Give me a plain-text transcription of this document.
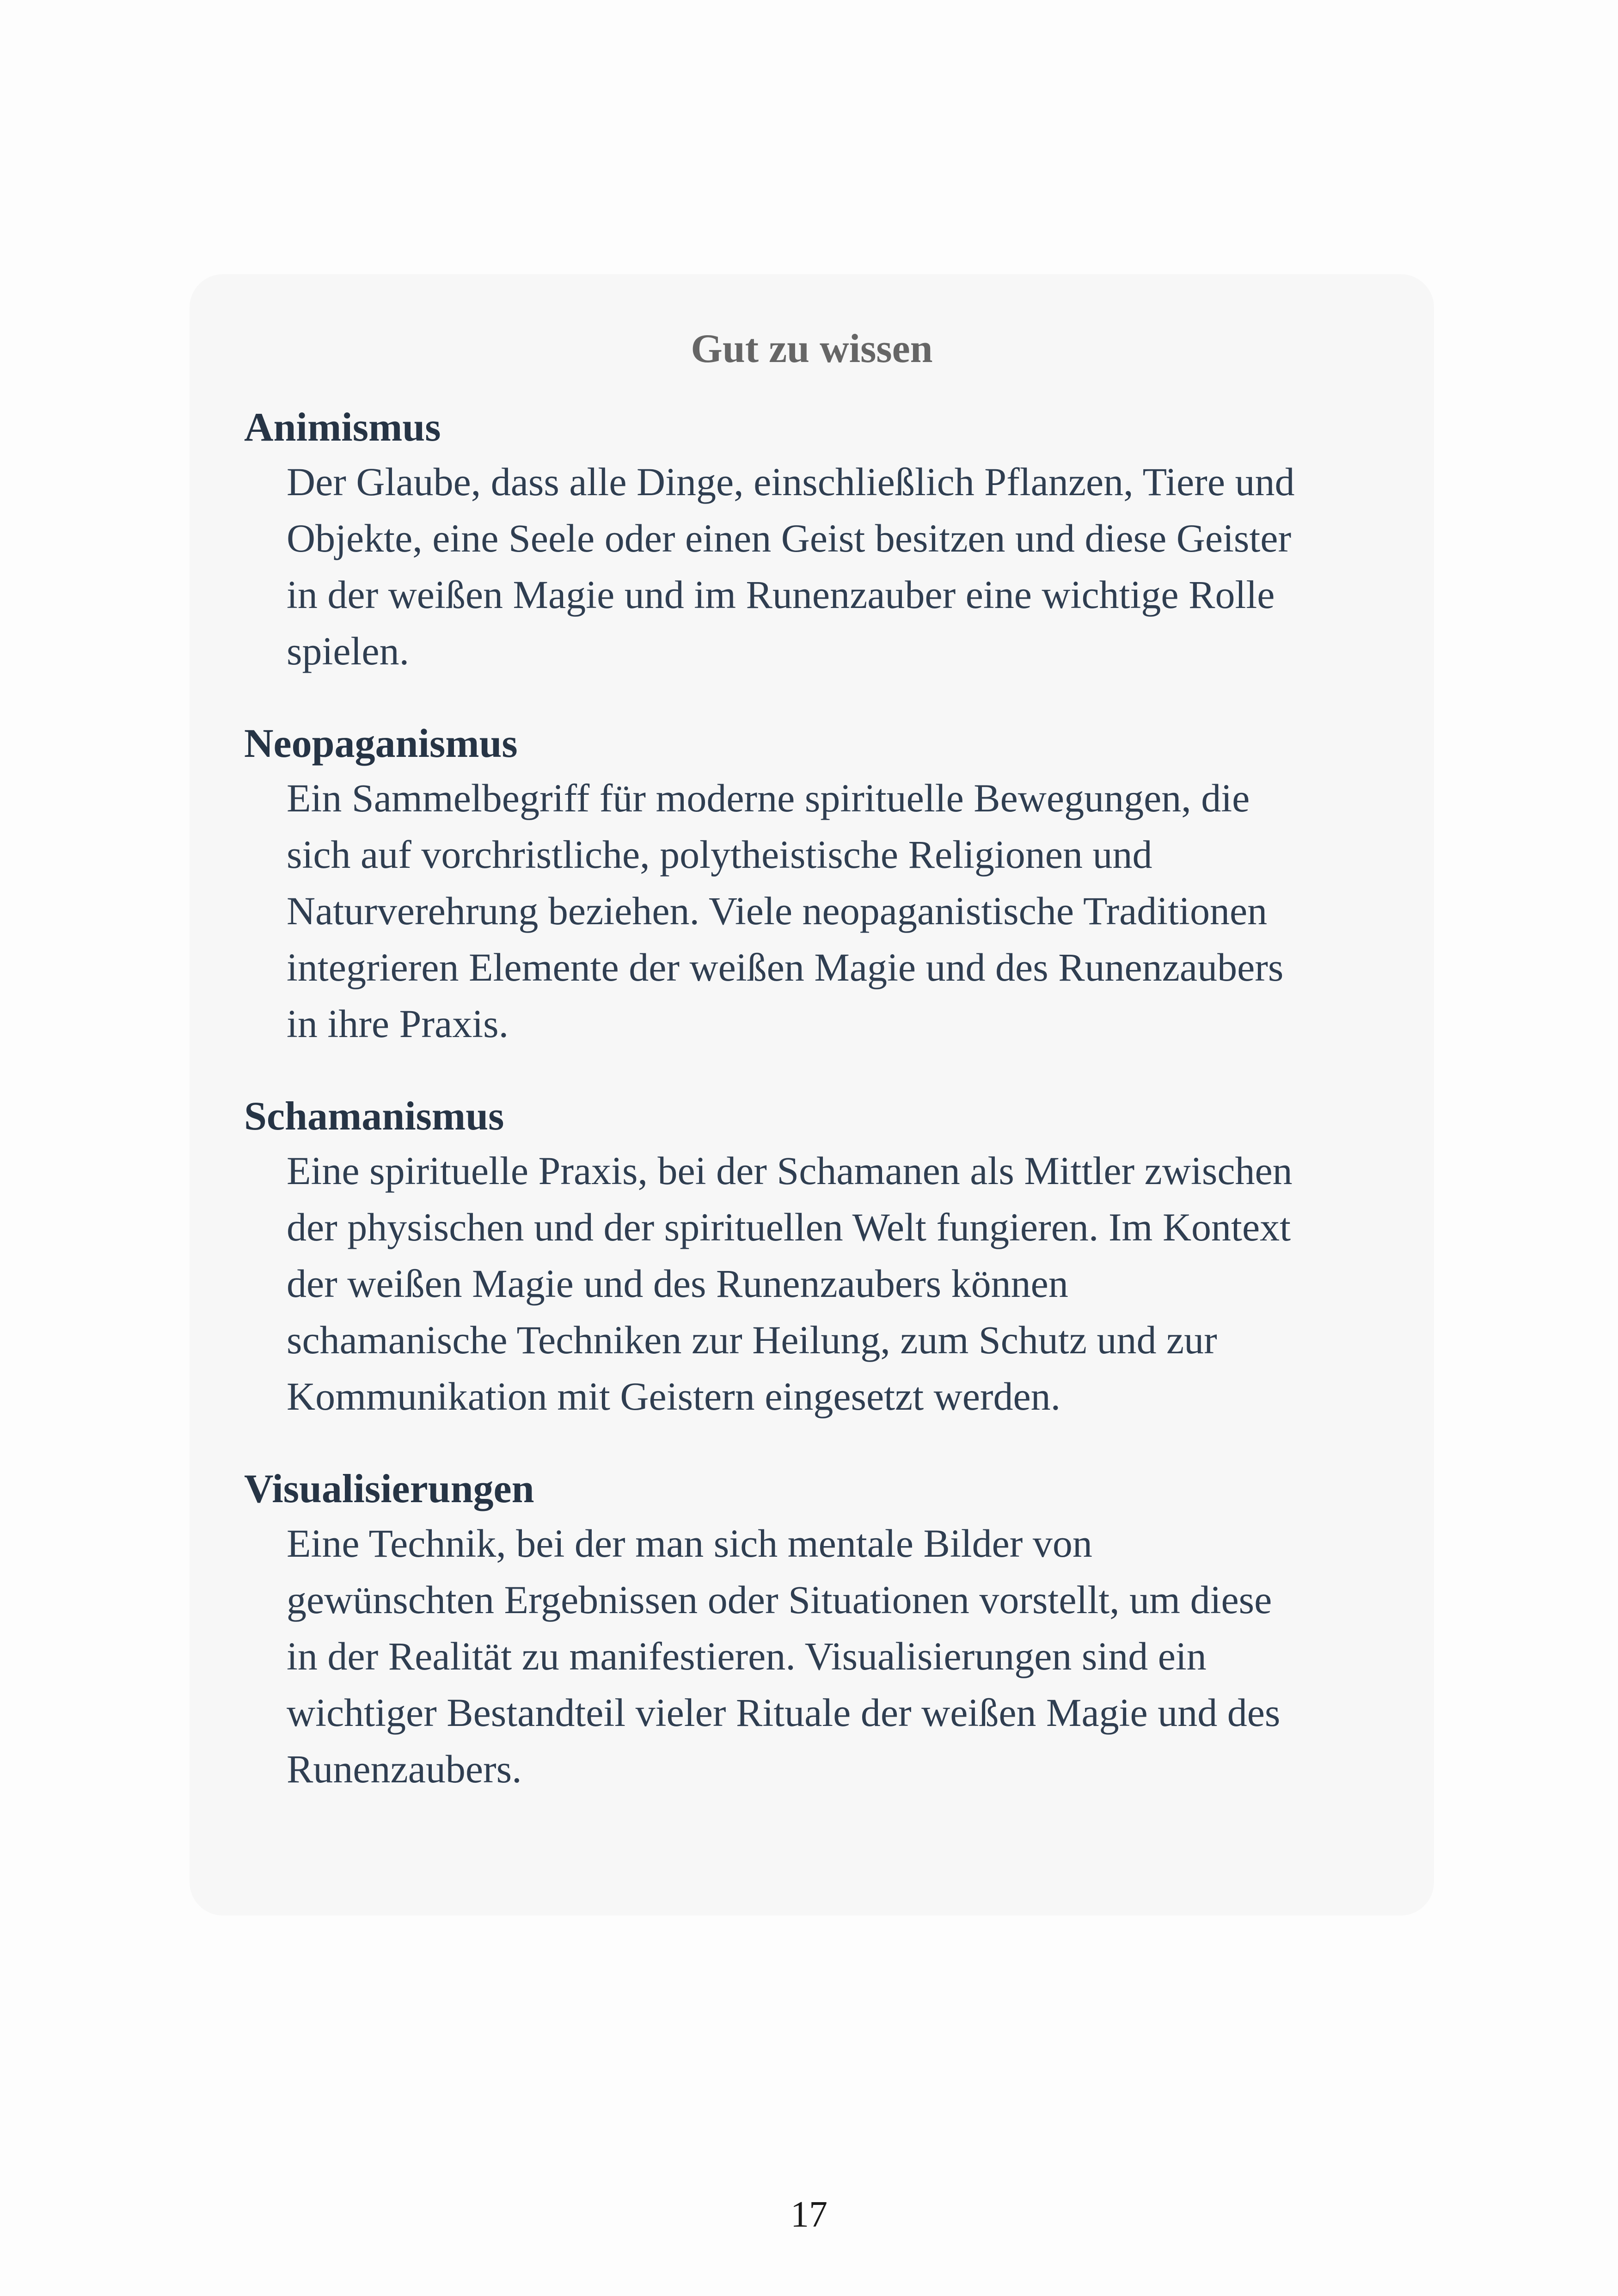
Gut zu wissen
Animismus
Der Glaube, dass alle Dinge, einschließlich Pflanzen, Tiere und
Objekte, eine Seele oder einen Geist besitzen und diese Geister
in der weißen Magie und im Runenzauber eine wichtige Rolle
spielen.
Neopaganismus
Ein Sammelbegriff für moderne spirituelle Bewegungen, die
sich auf vorchristliche, polytheistische Religionen und
Naturverehrung beziehen. Viele neopaganistische Traditionen
integrieren Elemente der weißen Magie und des Runenzaubers
in ihre Praxis.
Schamanismus
Eine spirituelle Praxis, bei der Schamanen als Mittler zwischen
der physischen und der spirituellen Welt fungieren. Im Kontext
der weißen Magie und des Runenzaubers können
schamanische Techniken zur Heilung, zum Schutz und zur
Kommunikation mit Geistern eingesetzt werden.
Visualisierungen
Eine Technik, bei der man sich mentale Bilder von
gewünschten Ergebnissen oder Situationen vorstellt, um diese
in der Realität zu manifestieren. Visualisierungen sind ein
wichtiger Bestandteil vieler Rituale der weißen Magie und des
Runenzaubers.
17
